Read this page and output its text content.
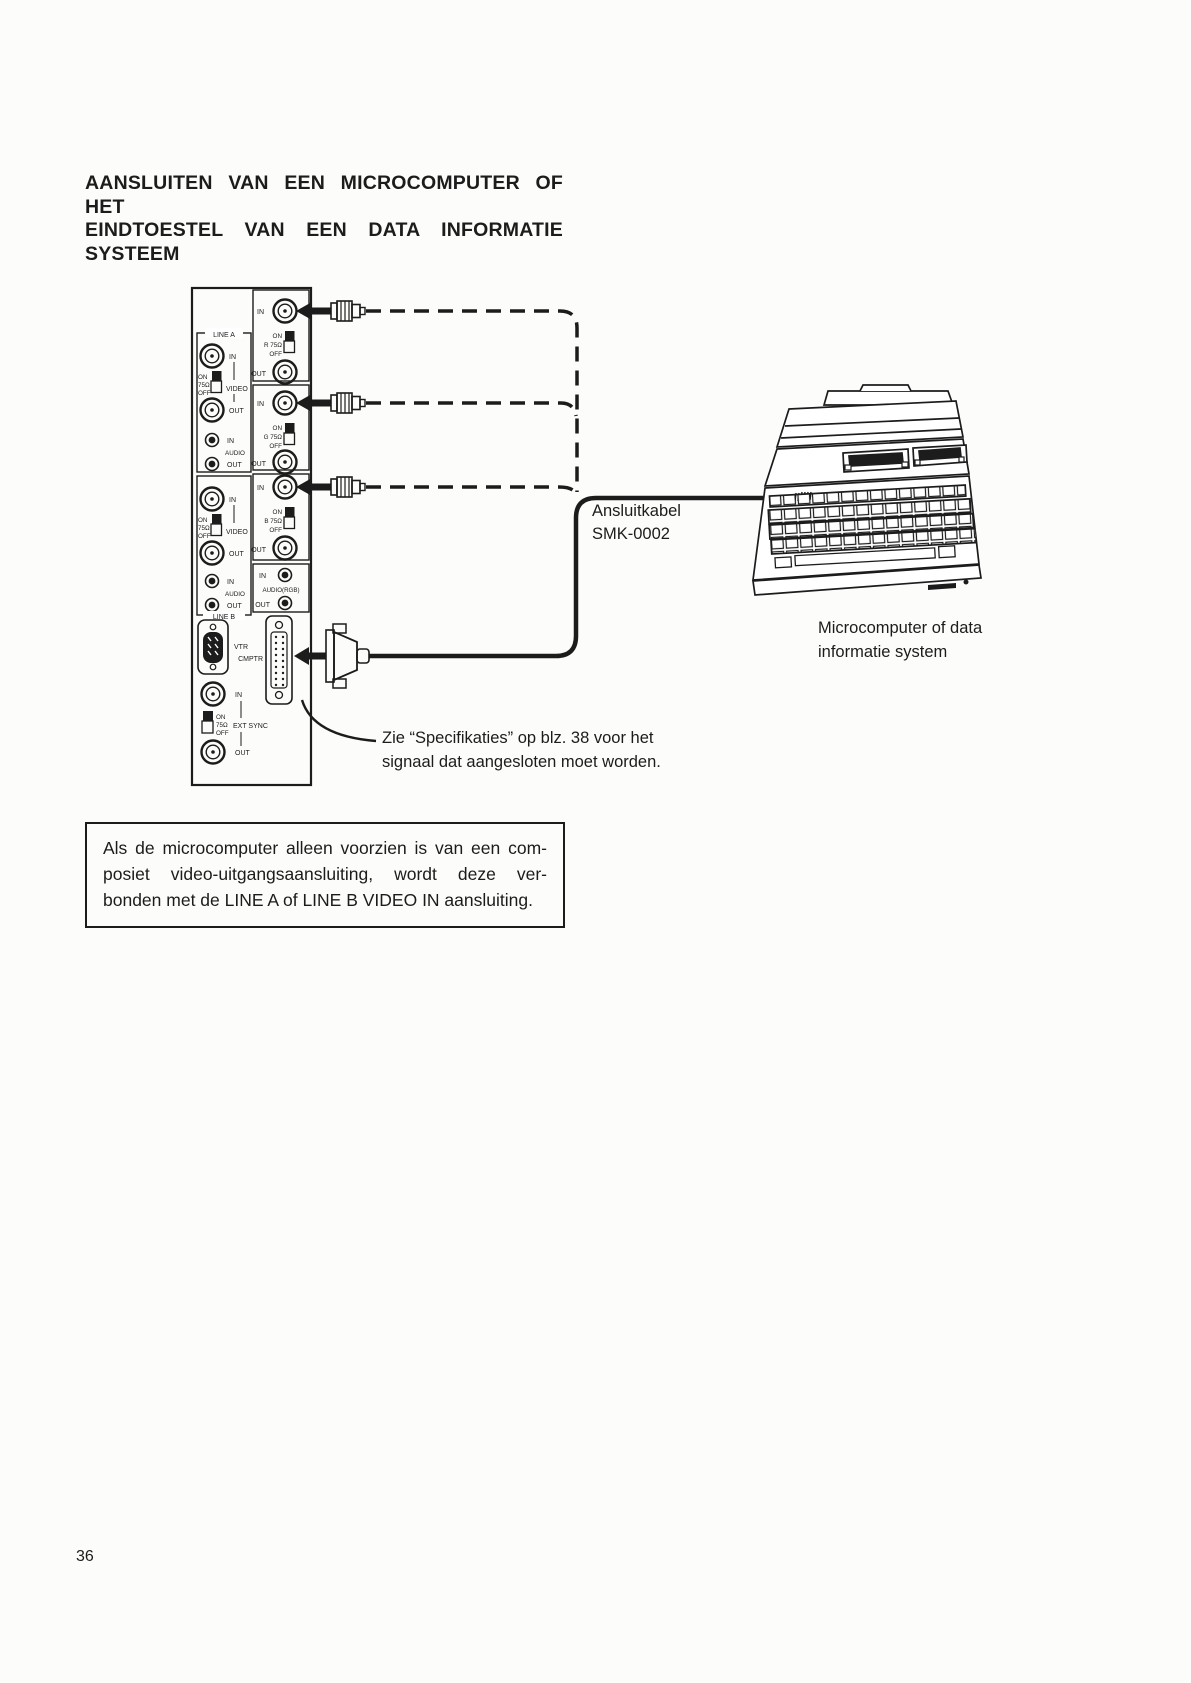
AANSLUITEN VAN EEN MICROCOMPUTER OF HET
EINDTOESTEL VAN EEN DATA INFORMATIE
SYSTEEM
LINE A
IN
ON
75Ω
OFF
VIDEO
OUT
IN
AUDIO
OUT
IN
ON
75Ω
OFF
VIDEO
OUT
IN
AUDIO
OUT
LINE B
IN
ON
R 75Ω
OFF
OUT
IN
ON
G 75Ω
OFF
OUT
IN
ON
B 75Ω
OFF
OUT
IN
AUDIO(RGB)
OUT
VTR
CMPTR
IN
ON
75Ω
OFF
EXT SYNC
OUT
Ansluitkabel
SMK-0002
Microcomputer of data
informatie system
Zie “Specifikaties” op blz. 38 voor het
signaal dat aangesloten moet worden.
Als de microcomputer alleen voorzien is van een com-
posiet video-uitgangsaansluiting, wordt deze ver-
bonden met de LINE A of LINE B VIDEO IN aansluiting.
36
